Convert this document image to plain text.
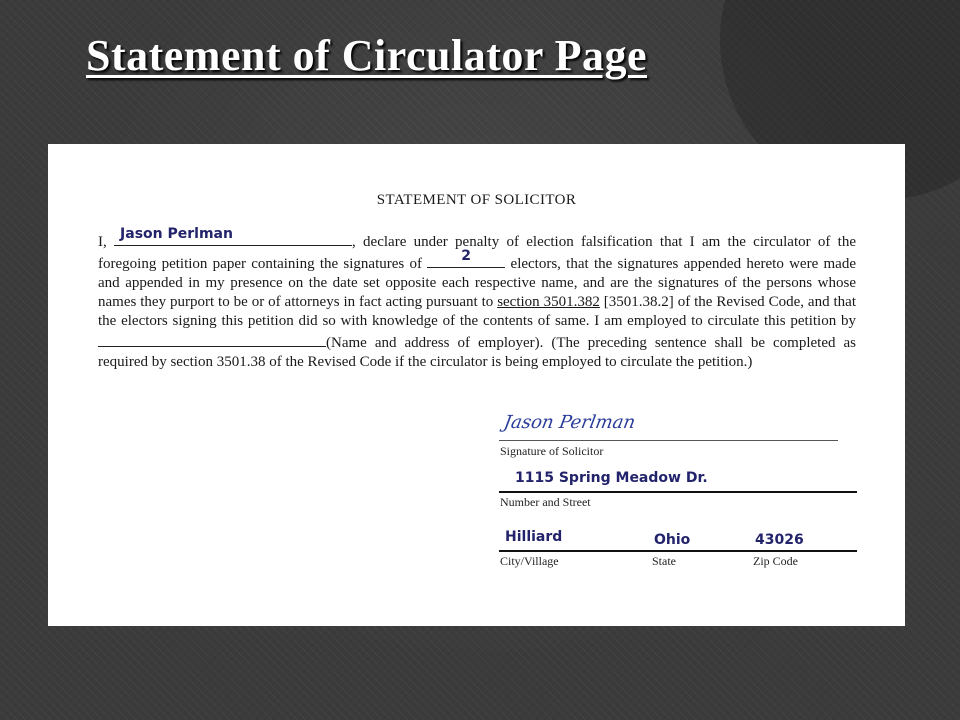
Statement of Circulator Page
STATEMENT OF SOLICITOR

I, Jason Perlman	, declare under penalty of election falsification that I am the circulator of the foregoing petition paper containing the signatures of 2 electors, that the signatures appended hereto were made and appended in my presence on the date set opposite each respective name, and are the signatures of the persons whose names they purport to be or of attorneys in fact acting pursuant to section 3501.382 [3501.38.2] of the Revised Code, and that the electors signing this petition did so with knowledge of the contents of same. I am employed to circulate this petition by (Name and address of employer). (The preceding sentence shall be completed as required by section 3501.38 of the Revised Code if the circulator is being employed to circulate the petition.)

Jason Perlman
Signature of Solicitor
1115 Spring Meadow Dr.
Number and Street
Hilliard	Ohio	43026
City/Village	State	Zip Code
